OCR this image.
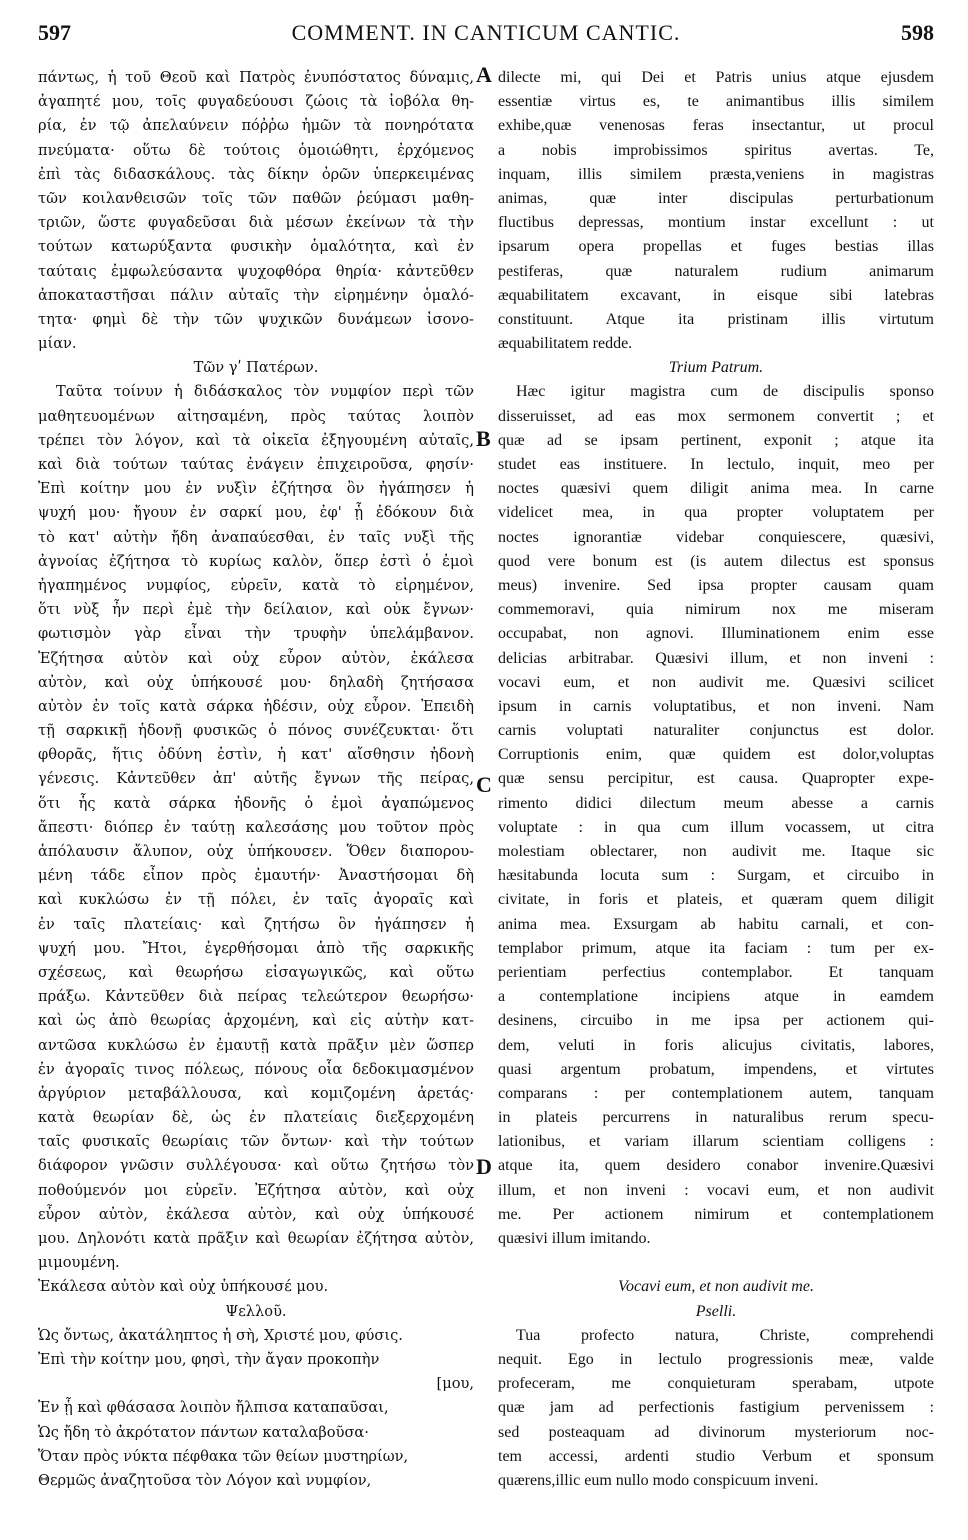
597	COMMENT. IN CANTICUM CANTIC.	598
πάντως, ἡ τοῦ Θεοῦ καὶ Πατρὸς ἐνυπόστατος δύναμις,
ἀγαπητέ μου, τοῖς φυγαδεύουσι ζώοις τὰ ἰοβόλα θη-
ρία, ἐν τῷ ἀπελαύνειν πόῤῥω ἡμῶν τὰ πονηρότατα
πνεύματα· οὕτω δὲ τούτοις ὁμοιώθητι, ἐρχόμενος
ἐπὶ τὰς διδασκάλους. τὰς δίκην ὀρῶν ὑπερκειμένας
τῶν κοιλανθεισῶν τοῖς τῶν παθῶν ῥεύμασι μαθη-
τριῶν, ὥστε φυγαδεῦσαι διὰ μέσων ἐκείνων τὰ τὴν
τούτων κατωρύξαντα φυσικὴν ὁμαλότητα, καὶ ἐν
ταύταις ἐμφωλεύσαντα ψυχοφθόρα θηρία· κἀντεῦθεν
ἀποκαταστῆσαι πάλιν αὐταῖς τὴν εἰρημένην ὁμαλό-
τητα· φημὶ δὲ τὴν τῶν ψυχικῶν δυνάμεων ἰσονο-
μίαν.
Τῶν γʹ Πατέρων.
Ταῦτα τοίνυν ἡ διδάσκαλος τὸν νυμφίον περὶ τῶν
μαθητευομένων αἰτησαμένη, πρὸς ταύτας λοιπὸν
τρέπει τὸν λόγον, καὶ τὰ οἰκεῖα ἐξηγουμένη αὐταῖς,
καὶ διὰ τούτων ταύτας ἐνάγειν ἐπιχειροῦσα, φησίν·
Ἐπὶ κοίτην μου ἐν νυξὶν ἐζήτησα ὃν ἠγάπησεν ἡ
ψυχή μου· ἤγουν ἐν σαρκί μου, ἐφ' ᾗ ἐδόκουν διὰ
τὸ κατ' αὐτὴν ἤδη ἀναπαύεσθαι, ἐν ταῖς νυξὶ τῆς
ἀγνοίας ἐζήτησα τὸ κυρίως καλὸν, ὅπερ ἐστὶ ὁ ἐμοὶ
ἠγαπημένος νυμφίος, εὑρεῖν, κατὰ τὸ εἰρημένον,
ὅτι νὺξ ἦν περὶ ἐμὲ τὴν δείλαιον, καὶ οὐκ ἔγνων·
φωτισμὸν γὰρ εἶναι τὴν τρυφὴν ὑπελάμβανον.
Ἐζήτησα αὐτὸν καὶ οὐχ εὗρον αὐτὸν, ἐκάλεσα
αὐτὸν, καὶ οὐχ ὑπήκουσέ μου· δηλαδὴ ζητήσασα
αὐτὸν ἐν τοῖς κατὰ σάρκα ἡδέσιν, οὐχ εὗρον. Ἐπειδὴ
τῇ σαρκικῇ ἡδονῇ φυσικῶς ὁ πόνος συνέζευκται· ὅτι
φθορᾶς, ἥτις ὀδύνη ἐστὶν, ἡ κατ' αἴσθησιν ἡδονὴ
γένεσις. Κἀντεῦθεν ἀπ' αὐτῆς ἔγνων τῆς πείρας,
ὅτι ἧς κατὰ σάρκα ἡδονῆς ὁ ἐμοὶ ἀγαπώμενος
ἄπεστι· διόπερ ἐν ταύτῃ καλεσάσης μου τοῦτον πρὸς
ἀπόλαυσιν ἄλυπον, οὐχ ὑπήκουσεν. Ὅθεν διαπορου-
μένη τάδε εἶπον πρὸς ἐμαυτήν· Ἀναστήσομαι δὴ
καὶ κυκλώσω ἐν τῇ πόλει, ἐν ταῖς ἀγοραῖς καὶ
ἐν ταῖς πλατείαις· καὶ ζητήσω ὃν ἠγάπησεν ἡ
ψυχή μου. Ἤτοι, ἐγερθήσομαι ἀπὸ τῆς σαρκικῆς
σχέσεως, καὶ θεωρήσω εἰσαγωγικῶς, καὶ οὕτω
πράξω. Κἀντεῦθεν διὰ πείρας τελεώτερον θεωρήσω·
καὶ ὡς ἀπὸ θεωρίας ἀρχομένη, καὶ εἰς αὐτὴν κατ-
αντῶσα κυκλώσω ἐν ἐμαυτῇ κατὰ πρᾶξιν μὲν ὥσπερ
ἐν ἀγοραῖς τινος πόλεως, πόνους οἷα δεδοκιμασμένον
ἀργύριον μεταβάλλουσα, καὶ κομιζομένη ἀρετάς·
κατὰ θεωρίαν δὲ, ὡς ἐν πλατείαις διεξερχομένη
ταῖς φυσικαῖς θεωρίαις τῶν ὄντων· καὶ τὴν τούτων
διάφορον γνῶσιν συλλέγουσα· καὶ οὕτω ζητήσω τὸν
ποθούμενόν μοι εὑρεῖν. Ἐζήτησα αὐτὸν, καὶ οὐχ
εὗρον αὐτὸν, ἐκάλεσα αὐτὸν, καὶ οὐχ ὑπήκουσέ
μου. Δηλονότι κατὰ πρᾶξιν καὶ θεωρίαν ἐζήτησα αὐτὸν,
μιμουμένη.
Ἐκάλεσα αὐτὸν καὶ οὐχ ὑπήκουσέ μου.
Ψελλοῦ.
Ὡς ὄντως, ἀκατάληπτος ἡ σὴ, Χριστέ μου, φύσις.
Ἐπὶ τὴν κοίτην μου, φησὶ, τὴν ἄγαν προκοπὴν
[μου,
Ἐν ᾗ καὶ φθάσασα λοιπὸν ἤλπισα καταπαῦσαι,
Ὡς ἤδη τὸ ἀκρότατον πάντων καταλαβοῦσα·
Ὅταν πρὸς νύκτα πέφθακα τῶν θείων μυστηρίων,
Θερμῶς ἀναζητοῦσα τὸν Λόγον καὶ νυμφίον,
dilecte mi, qui Dei et Patris unius atque ejusdem
essentiæ virtus es, te animantibus illis similem
exhibe,quæ venenosas feras insectantur, ut procul
a nobis improbissimos spiritus avertas. Te,
inquam, illis similem præsta,veniens in magistras
animas, quæ inter discipulas perturbationum
fluctibus depressas, montium instar excellunt : ut
ipsarum opera propellas et fuges bestias illas
pestiferas, quæ naturalem rudium animarum
æquabilitatem excavant, in eisque sibi latebras
constituunt. Atque ita pristinam illis virtutum
æquabilitatem redde.
Trium Patrum.
Hæc igitur magistra cum de discipulis sponso
disseruisset, ad eas mox sermonem convertit ; et
quæ ad se ipsam pertinent, exponit ; atque ita
studet eas instituere. In lectulo, inquit, meo per
noctes quæsivi quem diligit anima mea. In carne
videlicet mea, in qua propter voluptatem per
noctes ignorantiæ videbar conquiescere, quæsivi,
quod vere bonum est (is autem dilectus est sponsus
meus) invenire. Sed ipsa propter causam quam
commemoravi, quia nimirum nox me miseram
occupabat, non agnovi. Illuminationem enim esse
delicias arbitrabar. Quæsivi illum, et non inveni :
vocavi eum, et non audivit me. Quæsivi scilicet
ipsum in carnis voluptatibus, et non inveni. Nam
carnis voluptati naturaliter conjunctus est dolor.
Corruptionis enim, quæ quidem est dolor,voluptas
quæ sensu percipitur, est causa. Quapropter expe-
rimento didici dilectum meum abesse a carnis
voluptate : in qua cum illum vocassem, ut citra
molestiam oblectarer, non audivit me. Itaque sic
hæsitabunda locuta sum : Surgam, et circuibo in
civitate, in foris et plateis, et quæram quem diligit
anima mea. Exsurgam ab habitu carnali, et con-
templabor primum, atque ita faciam : tum per ex-
perientiam perfectius contemplabor. Et tanquam
a contemplatione incipiens atque in eamdem
desinens, circuibo in me ipsa per actionem qui-
dem, veluti in foris alicujus civitatis, labores,
quasi argentum probatum, impendens, et virtutes
comparans : per contemplationem autem, tanquam
in plateis percurrens in naturalibus rerum specu-
lationibus, et variam illarum scientiam colligens :
atque ita, quem desidero conabor invenire.Quæsivi
illum, et non inveni : vocavi eum, et non audivit
me. Per actionem nimirum et contemplationem
quæsivi illum imitando.
Vocavi eum, et non audivit me.
Pselli.
Tua profecto natura, Christe, comprehendi
nequit. Ego in lectulo progressionis meæ, valde
profeceram, me conquieturam sperabam, utpote
quæ jam ad perfectionis fastigium pervenissem :
sed posteaquam ad divinorum mysteriorum noc-
tem accessi, ardenti studio Verbum et sponsum
quærens,illic eum nullo modo conspicuum inveni.
A
B
C
D
